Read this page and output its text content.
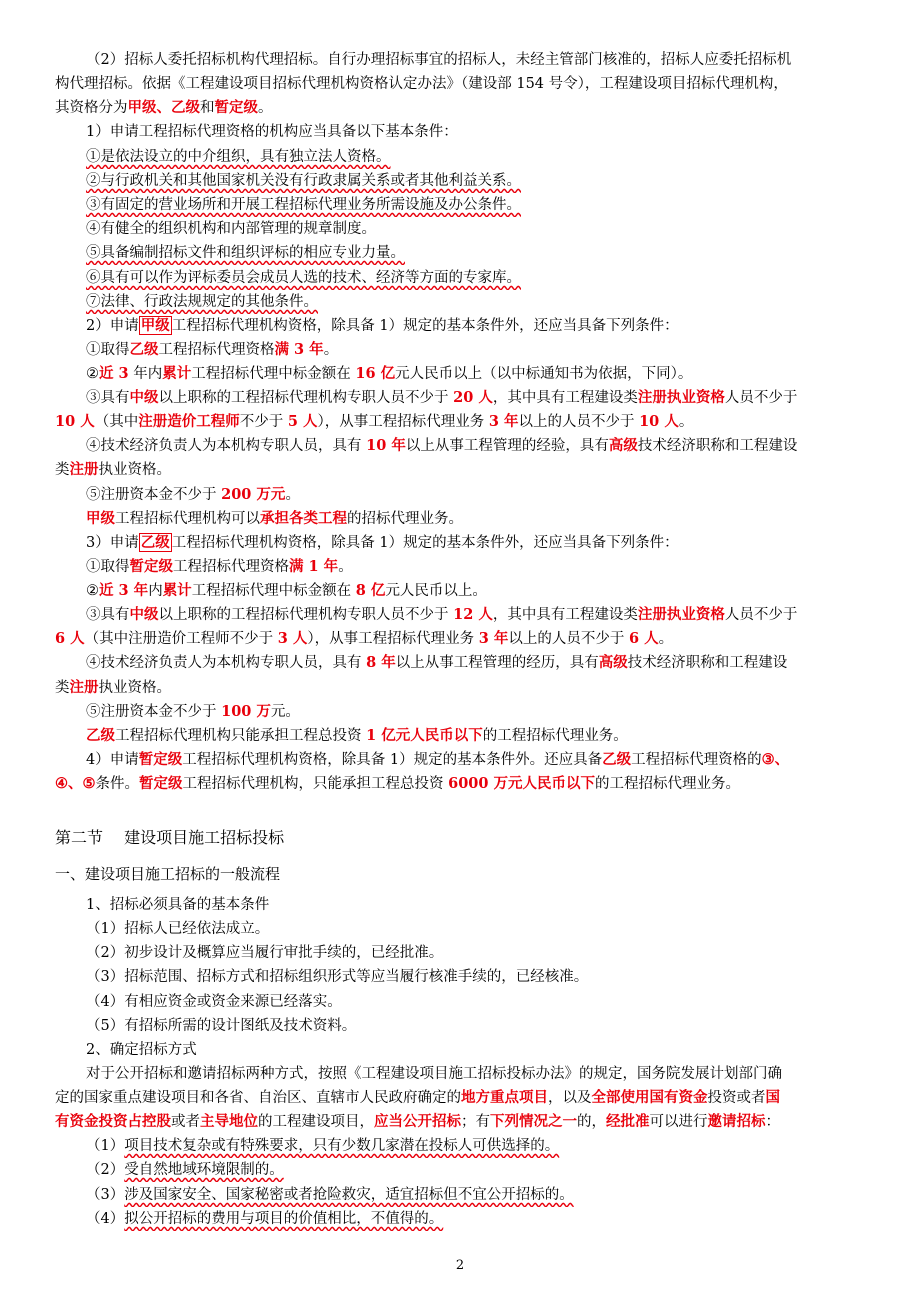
（2）招标人委托招标机构代理招标。自行办理招标事宜的招标人，未经主管部门核准的，招标人应委托招标机
构代理招标。依据《工程建设项目招标代理机构资格认定办法》（建设部 154 号令），工程建设项目招标代理机构，
其资格分为甲级、乙级和暂定级。
1）申请工程招标代理资格的机构应当具备以下基本条件：
①是依法设立的中介组织，具有独立法人资格。
②与行政机关和其他国家机关没有行政隶属关系或者其他利益关系。
③有固定的营业场所和开展工程招标代理业务所需设施及办公条件。
④有健全的组织机构和内部管理的规章制度。
⑤具备编制招标文件和组织评标的相应专业力量。
⑥具有可以作为评标委员会成员人选的技术、经济等方面的专家库。
⑦法律、行政法规规定的其他条件。
2）申请 甲级 工程招标代理机构资格，除具备 1）规定的基本条件外，还应当具备下列条件：
①取得乙级工程招标代理资格满 3 年。
②近 3 年内累计工程招标代理中标金额在 16 亿元人民币以上（以中标通知书为依据，下同）。
③具有中级以上职称的工程招标代理机构专职人员不少于 20 人，其中具有工程建设类注册执业资格人员不少于
10 人（其中注册造价工程师不少于 5 人），从事工程招标代理业务 3 年以上的人员不少于 10 人。
④技术经济负责人为本机构专职人员，具有 10 年以上从事工程管理的经验，具有高级技术经济职称和工程建设
类注册执业资格。
⑤注册资本金不少于 200 万元。
甲级工程招标代理机构可以承担各类工程的招标代理业务。
3）申请 乙级 工程招标代理机构资格，除具备 1）规定的基本条件外，还应当具备下列条件：
①取得暂定级工程招标代理资格满 1 年。
②近 3 年内累计工程招标代理中标金额在 8 亿元人民币以上。
③具有中级以上职称的工程招标代理机构专职人员不少于 12 人，其中具有工程建设类注册执业资格人员不少于
6 人（其中注册造价工程师不少于 3 人），从事工程招标代理业务 3 年以上的人员不少于 6 人。
④技术经济负责人为本机构专职人员，具有 8 年以上从事工程管理的经历，具有高级技术经济职称和工程建设
类注册执业资格。
⑤注册资本金不少于 100 万元。
乙级工程招标代理机构只能承担工程总投资 1 亿元人民币以下的工程招标代理业务。
4）申请暂定级工程招标代理机构资格，除具备 1）规定的基本条件外。还应具备乙级工程招标代理资格的③、
④、⑤条件。暂定级工程招标代理机构，只能承担工程总投资 6000 万元人民币以下的工程招标代理业务。
第二节　 建设项目施工招标投标
一、建设项目施工招标的一般流程
1、招标必须具备的基本条件
（1）招标人已经依法成立。
（2）初步设计及概算应当履行审批手续的，已经批准。
（3）招标范围、招标方式和招标组织形式等应当履行核准手续的，已经核准。
（4）有相应资金或资金来源已经落实。
（5）有招标所需的设计图纸及技术资料。
2、确定招标方式
对于公开招标和邀请招标两种方式，按照《工程建设项目施工招标投标办法》的规定，国务院发展计划部门确
定的国家重点建设项目和各省、自治区、直辖市人民政府确定的地方重点项目，以及全部使用国有资金投资或者国
有资金投资占控股或者主导地位的工程建设项目，应当公开招标；有下列情况之一的，经批准可以进行邀请招标：
（1）项目技术复杂或有特殊要求，只有少数几家潜在投标人可供选择的。
（2）受自然地域环境限制的。
（3）涉及国家安全、国家秘密或者抢险救灾，适宜招标但不宜公开招标的。
（4）拟公开招标的费用与项目的价值相比，不值得的。
2
